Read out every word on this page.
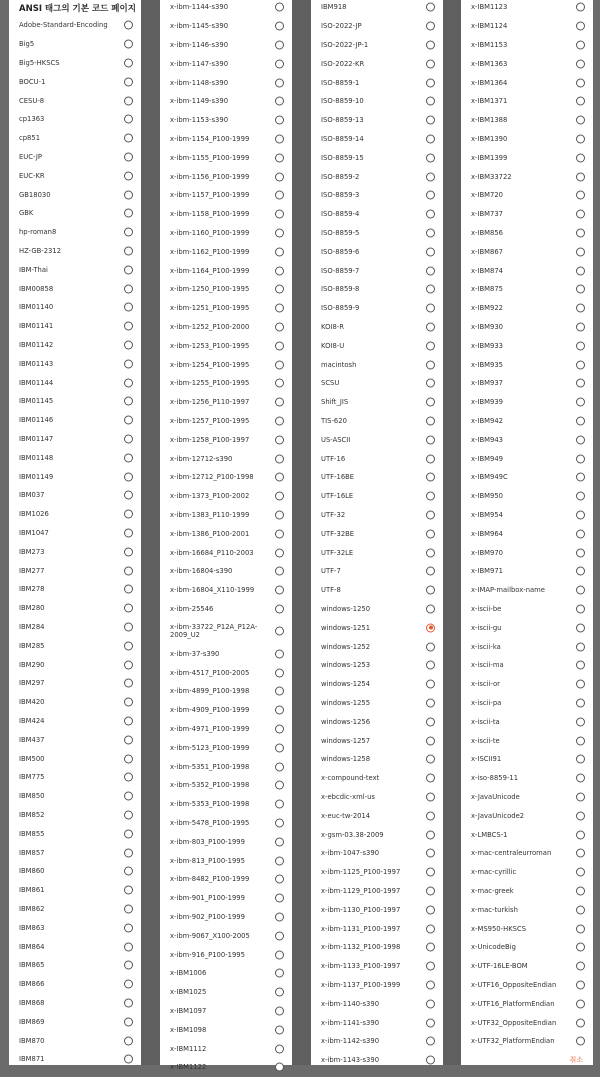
ANSI 태그의 기본 코드 페이지
Adobe-Standard-Encoding
Big5
Big5-HKSCS
BOCU-1
CESU-8
cp1363
cp851
EUC-JP
EUC-KR
GB18030
GBK
hp-roman8
HZ-GB-2312
IBM-Thai
IBM00858
IBM01140
IBM01141
IBM01142
IBM01143
IBM01144
IBM01145
IBM01146
IBM01147
IBM01148
IBM01149
IBM037
IBM1026
IBM1047
IBM273
IBM277
IBM278
IBM280
IBM284
IBM285
IBM290
IBM297
IBM420
IBM424
IBM437
IBM500
IBM775
IBM850
IBM852
IBM855
IBM857
IBM860
IBM861
IBM862
IBM863
IBM864
IBM865
IBM866
IBM868
IBM869
IBM870
IBM871
x-ibm-1144-s390
x-ibm-1145-s390
x-ibm-1146-s390
x-ibm-1147-s390
x-ibm-1148-s390
x-ibm-1149-s390
x-ibm-1153-s390
x-ibm-1154_P100-1999
x-ibm-1155_P100-1999
x-ibm-1156_P100-1999
x-ibm-1157_P100-1999
x-ibm-1158_P100-1999
x-ibm-1160_P100-1999
x-ibm-1162_P100-1999
x-ibm-1164_P100-1999
x-ibm-1250_P100-1995
x-ibm-1251_P100-1995
x-ibm-1252_P100-2000
x-ibm-1253_P100-1995
x-ibm-1254_P100-1995
x-ibm-1255_P100-1995
x-ibm-1256_P110-1997
x-ibm-1257_P100-1995
x-ibm-1258_P100-1997
x-ibm-12712-s390
x-ibm-12712_P100-1998
x-ibm-1373_P100-2002
x-ibm-1383_P110-1999
x-ibm-1386_P100-2001
x-ibm-16684_P110-2003
x-ibm-16804-s390
x-ibm-16804_X110-1999
x-ibm-25546
x-ibm-33722_P12A_P12A-2009_U2
x-ibm-37-s390
x-ibm-4517_P100-2005
x-ibm-4899_P100-1998
x-ibm-4909_P100-1999
x-ibm-4971_P100-1999
x-ibm-5123_P100-1999
x-ibm-5351_P100-1998
x-ibm-5352_P100-1998
x-ibm-5353_P100-1998
x-ibm-5478_P100-1995
x-ibm-803_P100-1999
x-ibm-813_P100-1995
x-ibm-8482_P100-1999
x-ibm-901_P100-1999
x-ibm-902_P100-1999
x-ibm-9067_X100-2005
x-ibm-916_P100-1995
x-IBM1006
x-IBM1025
x-IBM1097
x-IBM1098
x-IBM1112
x-IBM1122
IBM918
ISO-2022-JP
ISO-2022-JP-1
ISO-2022-KR
ISO-8859-1
ISO-8859-10
ISO-8859-13
ISO-8859-14
ISO-8859-15
ISO-8859-2
ISO-8859-3
ISO-8859-4
ISO-8859-5
ISO-8859-6
ISO-8859-7
ISO-8859-8
ISO-8859-9
KOI8-R
KOI8-U
macintosh
SCSU
Shift_JIS
TIS-620
US-ASCII
UTF-16
UTF-16BE
UTF-16LE
UTF-32
UTF-32BE
UTF-32LE
UTF-7
UTF-8
windows-1250
windows-1251
windows-1252
windows-1253
windows-1254
windows-1255
windows-1256
windows-1257
windows-1258
x-compound-text
x-ebcdic-xml-us
x-euc-tw-2014
x-gsm-03.38-2009
x-ibm-1047-s390
x-ibm-1125_P100-1997
x-ibm-1129_P100-1997
x-ibm-1130_P100-1997
x-ibm-1131_P100-1997
x-ibm-1132_P100-1998
x-ibm-1133_P100-1997
x-ibm-1137_P100-1999
x-ibm-1140-s390
x-ibm-1141-s390
x-ibm-1142-s390
x-ibm-1143-s390
x-IBM1123
x-IBM1124
x-IBM1153
x-IBM1363
x-IBM1364
x-IBM1371
x-IBM1388
x-IBM1390
x-IBM1399
x-IBM33722
x-IBM720
x-IBM737
x-IBM856
x-IBM867
x-IBM874
x-IBM875
x-IBM922
x-IBM930
x-IBM933
x-IBM935
x-IBM937
x-IBM939
x-IBM942
x-IBM943
x-IBM949
x-IBM949C
x-IBM950
x-IBM954
x-IBM964
x-IBM970
x-IBM971
x-IMAP-mailbox-name
x-iscii-be
x-iscii-gu
x-iscii-ka
x-iscii-ma
x-iscii-or
x-iscii-pa
x-iscii-ta
x-iscii-te
x-ISCII91
x-iso-8859-11
x-JavaUnicode
x-JavaUnicode2
x-LMBCS-1
x-mac-centraleurroman
x-mac-cyrillic
x-mac-greek
x-mac-turkish
x-MS950-HKSCS
x-UnicodeBig
x-UTF-16LE-BOM
x-UTF16_OppositeEndian
x-UTF16_PlatformEndian
x-UTF32_OppositeEndian
x-UTF32_PlatformEndian
취소
